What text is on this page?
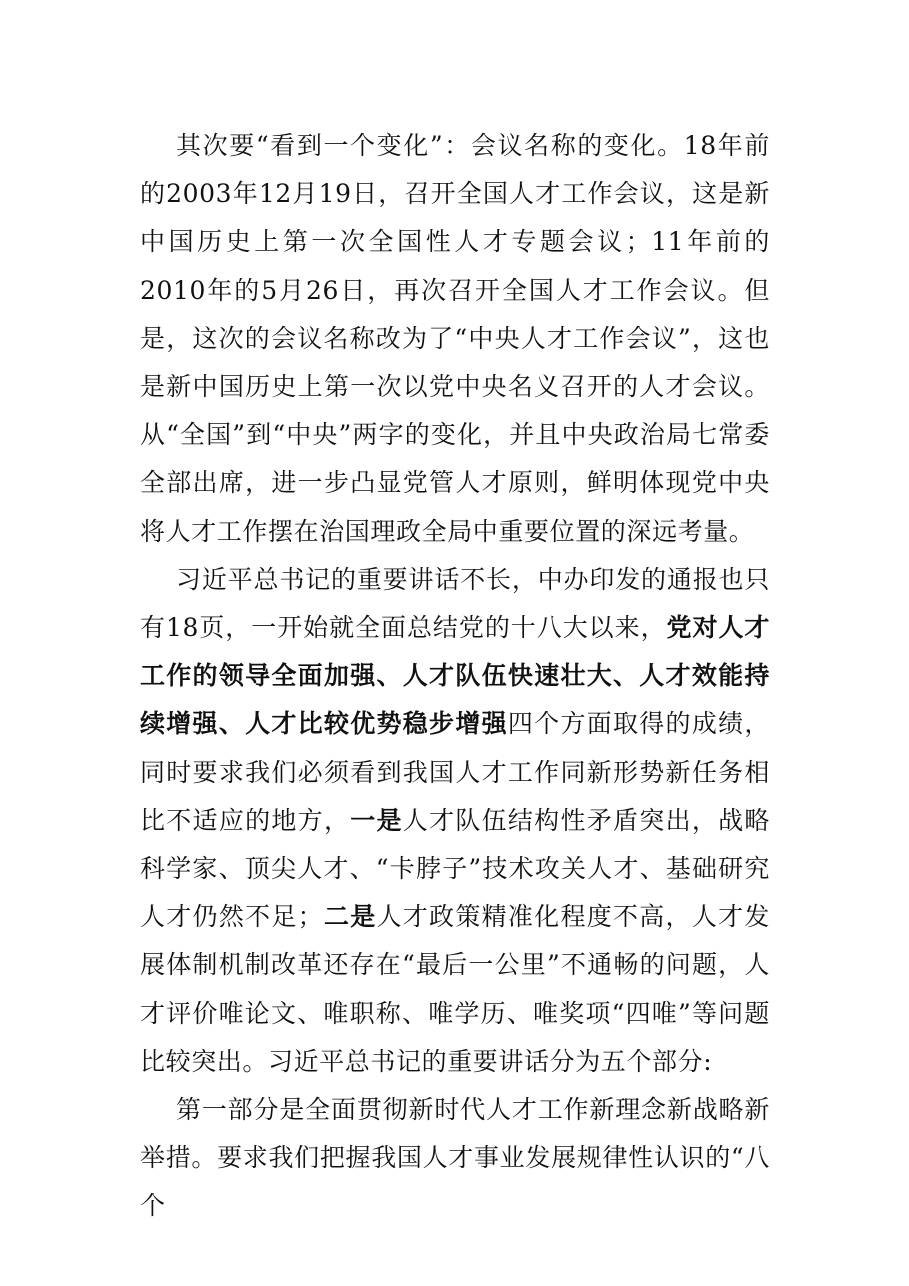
其次要“看到一个变化”：会议名称的变化。18年前的2003年12月19日，召开全国人才工作会议，这是新中国历史上第一次全国性人才专题会议；11年前的2010年的5月26日，再次召开全国人才工作会议。但是，这次的会议名称改为了“中央人才工作会议”，这也是新中国历史上第一次以党中央名义召开的人才会议。从“全国”到“中央”两字的变化，并且中央政治局七常委全部出席，进一步凸显党管人才原则，鲜明体现党中央将人才工作摆在治国理政全局中重要位置的深远考量。

习近平总书记的重要讲话不长，中办印发的通报也只有18页，一开始就全面总结党的十八大以来，党对人才工作的领导全面加强、人才队伍快速壮大、人才效能持续增强、人才比较优势稳步增强四个方面取得的成绩，同时要求我们必须看到我国人才工作同新形势新任务相比不适应的地方，一是人才队伍结构性矛盾突出，战略科学家、顶尖人才、“卡脖子”技术攻关人才、基础研究人才仍然不足；二是人才政策精准化程度不高，人才发展体制机制改革还存在“最后一公里”不通畅的问题，人才评价唯论文、唯职称、唯学历、唯奖项“四唯”等问题比较突出。习近平总书记的重要讲话分为五个部分:

第一部分是全面贯彻新时代人才工作新理念新战略新举措。要求我们把握我国人才事业发展规律性认识的“八个
